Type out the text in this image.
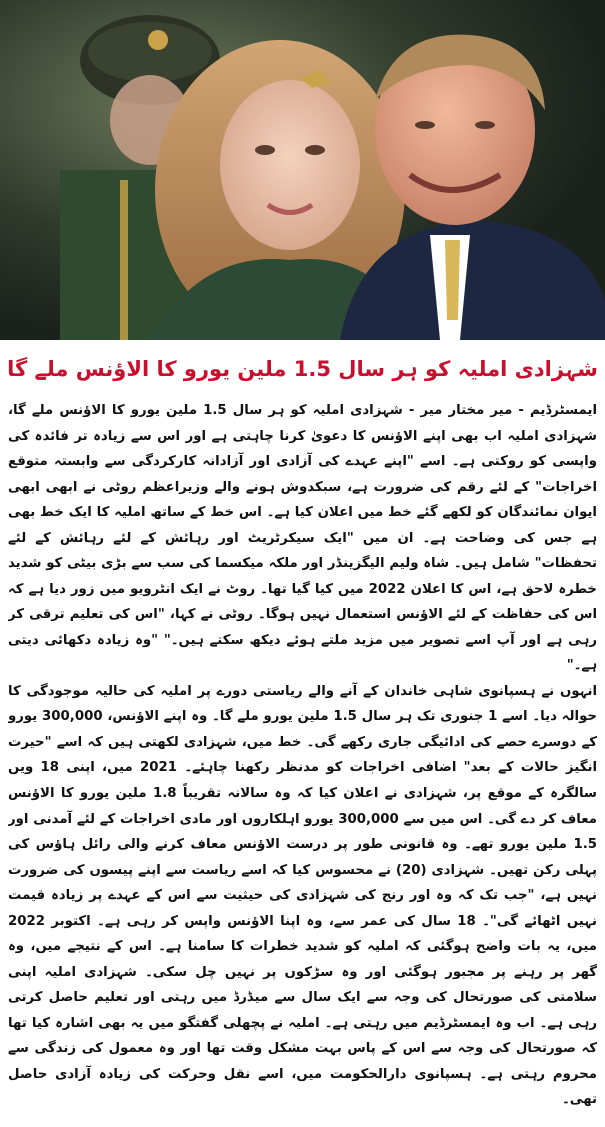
شہزادی املیہ کو ہر سال 1.5 ملین یورو کا الاؤنس ملے گا

ایمسٹرڈیم - میر مختار میر - شہزادی املیہ کو ہر سال 1.5 ملین یورو کا الاؤنس ملے گا، شہزادی املیہ اب بھی اپنے الاؤنس کا دعویٰ کرنا چاہتی ہے اور اس سے زیادہ تر فائدہ کی واپسی کو روکتی ہے۔ اسے "اپنے عہدے کی آزادی اور آزادانہ کارکردگی سے وابستہ متوقع اخراجات" کے لئے رقم کی ضرورت ہے، سبکدوش ہونے والے وزیراعظم روٹی نے ابھی ابھی ایوان نمائندگان کو لکھے گئے خط میں اعلان کیا ہے۔ اس خط کے ساتھ املیہ کا ایک خط بھی ہے جس کی وضاحت ہے۔ ان میں "ایک سیکرٹریٹ اور رہائش کے لئے رہائش کے لئے تحفظات" شامل ہیں۔ شاہ ولیم الیگزینڈر اور ملکہ میکسما کی سب سے بڑی بیٹی کو شدید خطرہ لاحق ہے، اس کا اعلان 2022 میں کیا گیا تھا۔ روٹ نے ایک انٹرویو میں زور دیا ہے کہ اس کی حفاظت کے لئے الاؤنس استعمال نہیں ہوگا۔ روٹی نے کہا، "اس کی تعلیم ترقی کر رہی ہے اور آپ اسے تصویر میں مزید ملتے ہوئے دیکھ سکتے ہیں۔" "وہ زیادہ دکھائی دیتی ہے۔"

انہوں نے ہسپانوی شاہی خاندان کے آنے والے ریاستی دورے پر املیہ کی حالیہ موجودگی کا حوالہ دیا۔ اسے 1 جنوری تک ہر سال 1.5 ملین یورو ملے گا۔ وہ اپنے الاؤنس، 300,000 یورو کے دوسرے حصے کی ادائیگی جاری رکھے گی۔ خط میں، شہزادی لکھتی ہیں کہ اسے "حیرت انگیز حالات کے بعد" اضافی اخراجات کو مدنظر رکھنا چاہئے۔ 2021 میں، اپنی 18 ویں سالگرہ کے موقع پر، شہزادی نے اعلان کیا کہ وہ سالانہ تقریباً 1.8 ملین یورو کا الاؤنس معاف کر دے گی۔ اس میں سے 300,000 یورو اہلکاروں اور مادی اخراجات کے لئے آمدنی اور 1.5 ملین یورو تھے۔ وہ قانونی طور پر درست الاؤنس معاف کرنے والی رائل ہاؤس کی پہلی رکن تھیں۔ شہزادی (20) نے محسوس کیا کہ اسے ریاست سے اپنے پیسوں کی ضرورت نہیں ہے، "جب تک کہ وہ اور رنج کی شہزادی کی حیثیت سے اس کے عہدے پر زیادہ قیمت نہیں اٹھائے گی"۔ 18 سال کی عمر سے، وہ اپنا الاؤنس واپس کر رہی ہے۔ اکتوبر 2022 میں، یہ بات واضح ہوگئی کہ املیہ کو شدید خطرات کا سامنا ہے۔ اس کے نتیجے میں، وہ گھر پر رہنے پر مجبور ہوگئی اور وہ سڑکوں پر نہیں چل سکی۔ شہزادی املیہ اپنی سلامتی کی صورتحال کی وجہ سے ایک سال سے میڈرڈ میں رہتی اور تعلیم حاصل کرتی رہی ہے۔ اب وہ ایمسٹرڈیم میں رہتی ہے۔ املیہ نے پچھلی گفتگو میں یہ بھی اشارہ کیا تھا کہ صورتحال کی وجہ سے اس کے پاس بہت مشکل وقت تھا اور وہ معمول کی زندگی سے محروم رہتی ہے۔ ہسپانوی دارالحکومت میں، اسے نقل وحرکت کی زیادہ آزادی حاصل تھی۔
